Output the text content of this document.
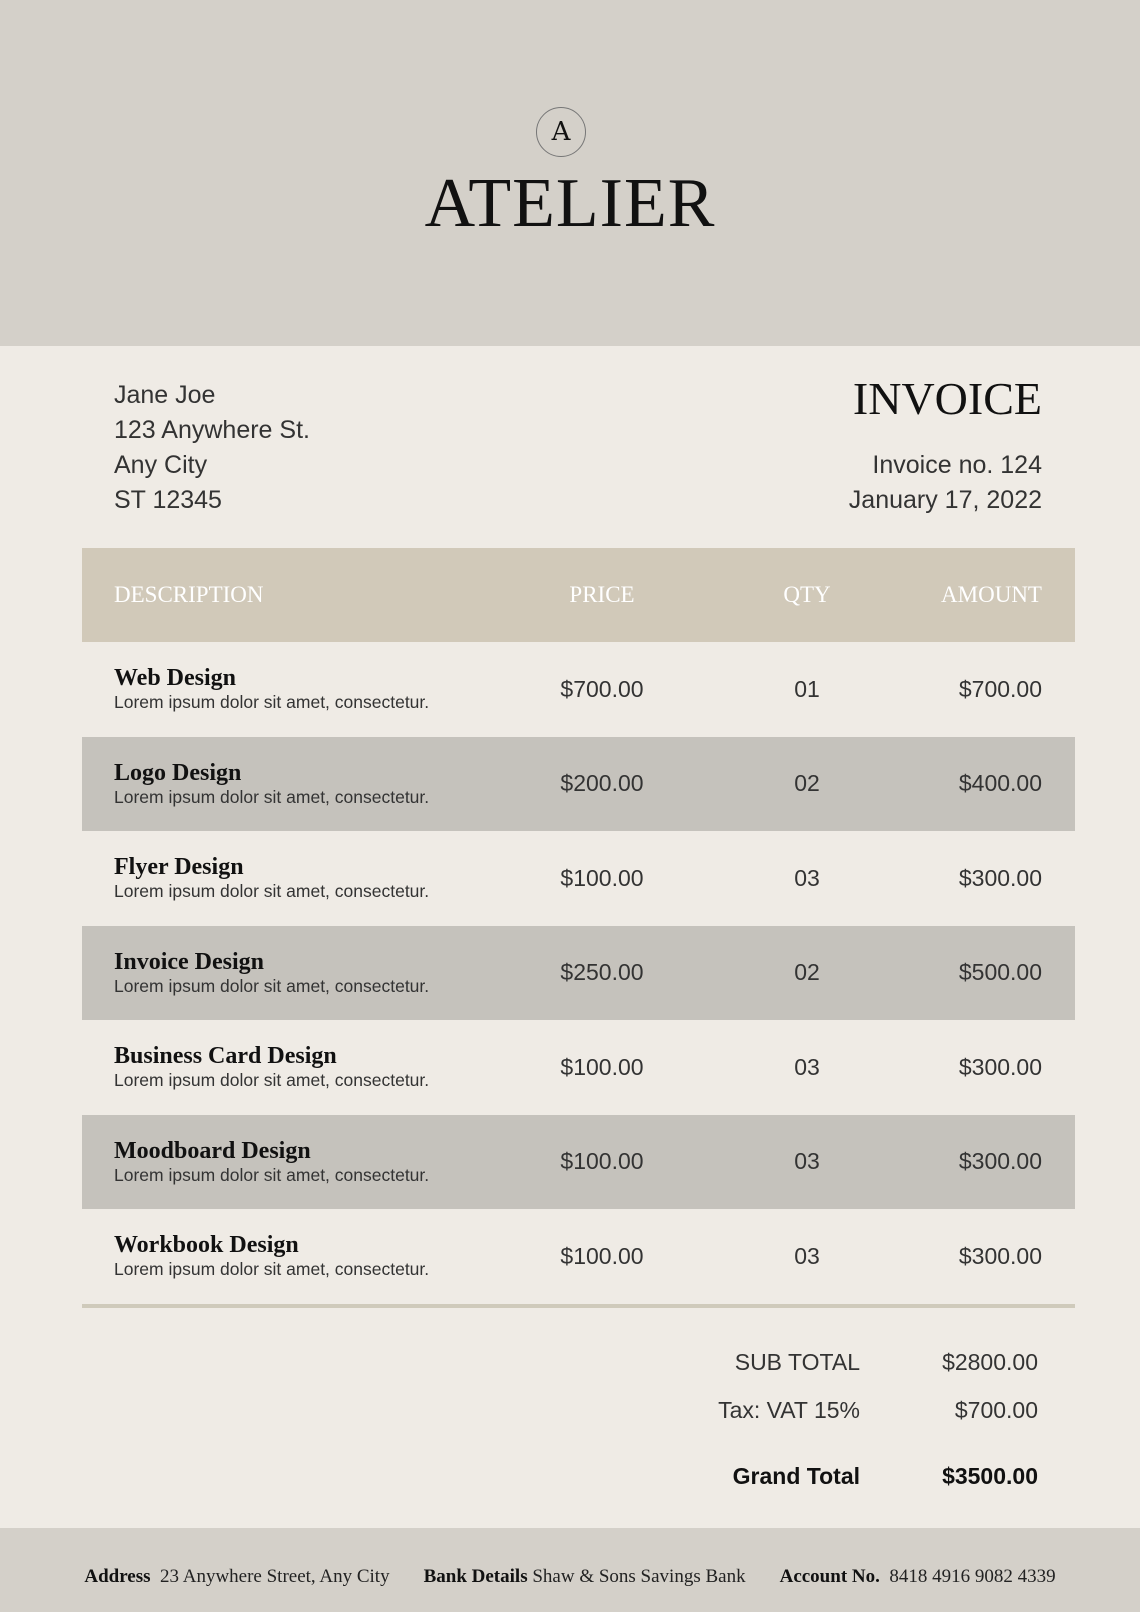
A
ATELIER
Jane Joe
123 Anywhere St.
Any City
ST 12345
INVOICE
Invoice no. 124
January 17, 2022
DESCRIPTION	PRICE	QTY	AMOUNT
Web Design
Lorem ipsum dolor sit amet, consectetur.
$700.00	01	$700.00
Logo Design
Lorem ipsum dolor sit amet, consectetur.
$200.00	02	$400.00
Flyer Design
Lorem ipsum dolor sit amet, consectetur.
$100.00	03	$300.00
Invoice Design
Lorem ipsum dolor sit amet, consectetur.
$250.00	02	$500.00
Business Card Design
Lorem ipsum dolor sit amet, consectetur.
$100.00	03	$300.00
Moodboard Design
Lorem ipsum dolor sit amet, consectetur.
$100.00	03	$300.00
Workbook Design
Lorem ipsum dolor sit amet, consectetur.
$100.00	03	$300.00
SUB TOTAL	$2800.00
Tax: VAT 15%	$700.00
Grand Total	$3500.00
Address 23 Anywhere Street, Any City Bank Details Shaw & Sons Savings Bank Account No. 8418 4916 9082 4339
